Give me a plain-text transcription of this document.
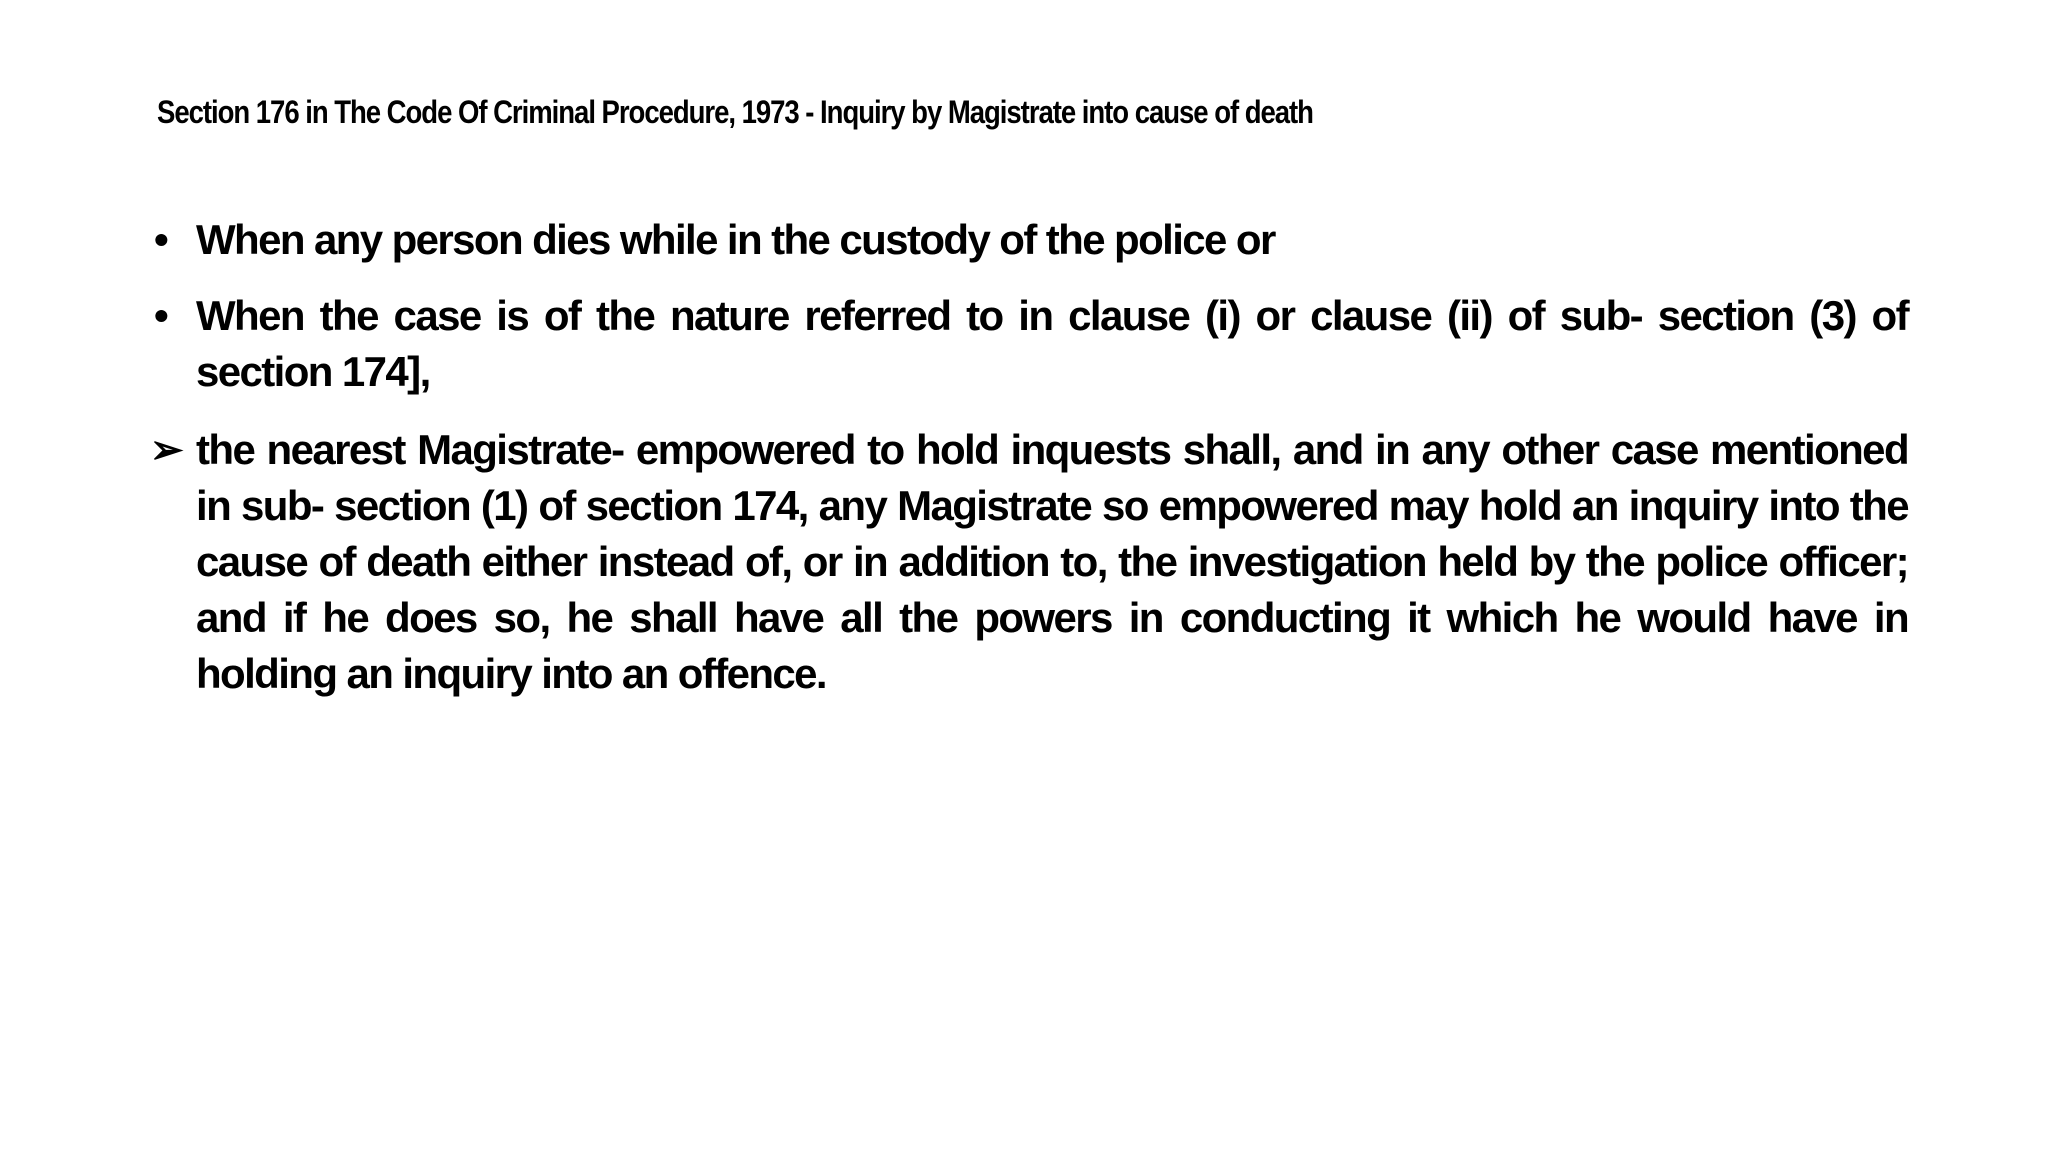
Section 176 in The Code Of Criminal Procedure, 1973 - Inquiry by Magistrate into cause of death
• When any person dies while in the custody of the police or
• When the case is of the nature referred to in clause (i) or clause (ii) of sub- section (3) of section 174],
➢ the nearest Magistrate- empowered to hold inquests shall, and in any other case mentioned in sub- section (1) of section 174, any Magistrate so empowered may hold an inquiry into the cause of death either instead of, or in addition to, the investigation held by the police officer; and if he does so, he shall have all the powers in conducting it which he would have in holding an inquiry into an offence.
